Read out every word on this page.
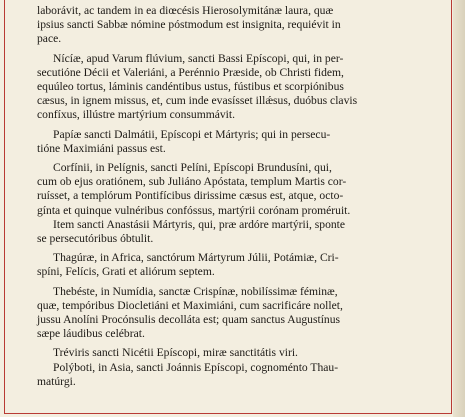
laborávit, ac tandem in ea diœcésis Hierosolymitánæ laura, quæ
ipsius sancti Sabbæ nómine póstmodum est insignita, requiévit in
pace.

Nícíæ, apud Varum flúvium, sancti Bassi Epíscopi, qui, in per-
secutióne Décii et Valeriáni, a Perénnio Præside, ob Christi fidem,
equúleo tortus, láminis candéntibus ustus, fústibus et scorpiónibus
cæsus, in ignem missus, et, cum inde evasísset illǽsus, duóbus clavis
confíxus, illústre martýrium consummávit.

Papíæ sancti Dalmátii, Epíscopi et Mártyris; qui in persecu-
tióne Maximiáni passus est.

Corfínii, in Pelígnis, sancti Pelíni, Epíscopi Brundusíni, qui,
cum ob ejus oratiónem, sub Juliáno Apóstata, templum Martis cor-
ruísset, a templórum Pontifícibus dirissime cæsus est, atque, octo-
gínta et quinque vulnéribus confóssus, martýrii corónam proméruit.

Item sancti Anastásii Mártyris, qui, præ ardóre martýrii, sponte
se persecutóribus óbtulit.

Thagúræ, in Africa, sanctórum Mártyrum Júlii, Potámiæ, Cri-
spíni, Felícis, Grati et aliórum septem.

Thebéste, in Numídia, sanctæ Crispínæ, nobilíssimæ féminæ,
quæ, tempóribus Diocletiáni et Maximiáni, cum sacrificáre nollet,
jussu Anolíni Procónsulis decolláta est; quam sanctus Augustínus
sæpe láudibus celébrat.

Tréviris sancti Nicétii Epíscopi, miræ sanctitátis viri.

Polýboti, in Asia, sancti Joánnis Epíscopi, cognoménto Thau-
matúrgi.
